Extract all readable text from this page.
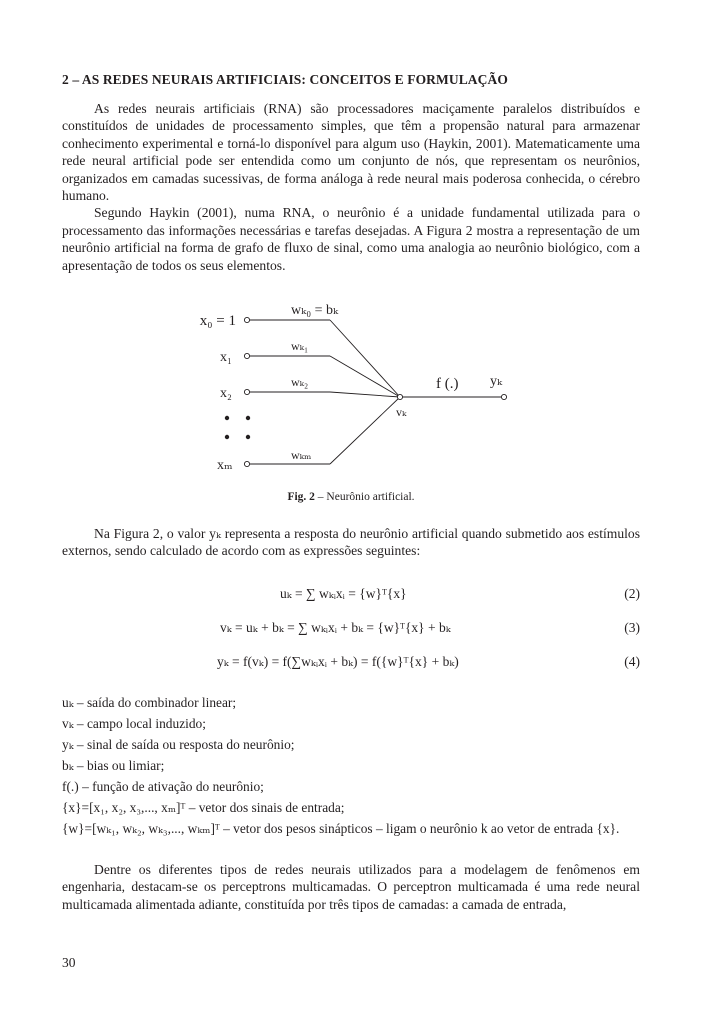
2 – AS REDES NEURAIS ARTIFICIAIS: CONCEITOS E FORMULAÇÃO

As redes neurais artificiais (RNA) são processadores maciçamente paralelos distribuídos e constituídos de unidades de processamento simples, que têm a propensão natural para armazenar conhecimento experimental e torná-lo disponível para algum uso (Haykin, 2001). Matematicamente uma rede neural artificial pode ser entendida como um conjunto de nós, que representam os neurônios, organizados em camadas sucessivas, de forma análoga à rede neural mais poderosa conhecida, o cérebro humano.

Segundo Haykin (2001), numa RNA, o neurônio é a unidade fundamental utilizada para o processamento das informações necessárias e tarefas desejadas. A Figura 2 mostra a representação de um neurônio artificial na forma de grafo de fluxo de sinal, como uma analogia ao neurônio biológico, com a apresentação de todos os seus elementos.

x₀ = 1
x₁
x₂
xₘ
wₖ₀ = bₖ
wₖ₁
wₖ₂
wₖₘ
vₖ
f (.) yₖ
Fig. 2 – Neurônio artificial.

Na Figura 2, o valor yₖ representa a resposta do neurônio artificial quando submetido aos estímulos externos, sendo calculado de acordo com as expressões seguintes:

uₖ = ∑ wₖᵢxᵢ = {w}ᵀ{x}	(2)
vₖ = uₖ + bₖ = ∑ wₖᵢxᵢ + bₖ = {w}ᵀ{x} + bₖ	(3)
yₖ = f(vₖ) = f(∑wₖᵢxᵢ + bₖ) = f({w}ᵀ{x} + bₖ)	(4)
uₖ – saída do combinador linear;
vₖ – campo local induzido;
yₖ – sinal de saída ou resposta do neurônio;
bₖ – bias ou limiar;
f(.) – função de ativação do neurônio;
{x}=[x₁, x₂, x₃,..., xₘ]ᵀ – vetor dos sinais de entrada;
{w}=[wₖ₁, wₖ₂, wₖ₃,..., wₖₘ]ᵀ – vetor dos pesos sinápticos – ligam o neurônio k ao vetor de entrada {x}.

Dentre os diferentes tipos de redes neurais utilizados para a modelagem de fenômenos em engenharia, destacam-se os perceptrons multicamadas. O perceptron multicamada é uma rede neural multicamada alimentada adiante, constituída por três tipos de camadas: a camada de entrada,

30
